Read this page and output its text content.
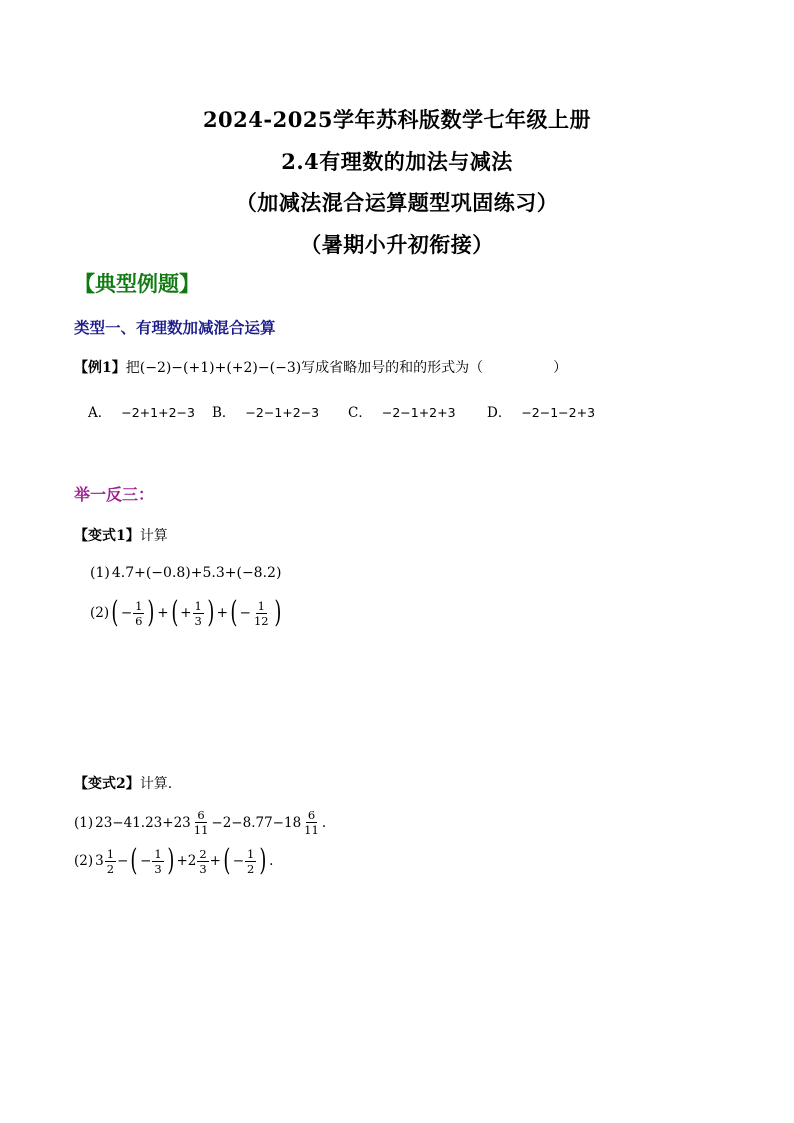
2024-2025学年苏科版数学七年级上册
2.4有理数的加法与减法
（加减法混合运算题型巩固练习）
（暑期小升初衔接）
【典型例题】
类型一、有理数加减混合运算
【例1】把(−2)−(+1)+(+2)−(−3)写成省略加号的和的形式为（　　　　　）
A． −2+1+2−3 B． −2−1+2−3 C． −2−1+2+3 D． −2−1−2+3
举一反三：
【变式1】计算
(1) 4.7+(−0.8)+5.3+(−8.2)
(2) ( − $\frac{1}{6}$ ) + ( + $\frac{1}{3}$ ) + ( − $\frac{1}{12}$ )
【变式2】计算.
(1) $23-41.23+23 \frac{6}{11} -2-8.77-18 \frac{6}{11}$ .
(2) $3 \frac{1}{2}$ − ( − $\frac{1}{3}$ ) $+2 \frac{2}{3}$ + ( − $\frac{1}{2}$ ) .
